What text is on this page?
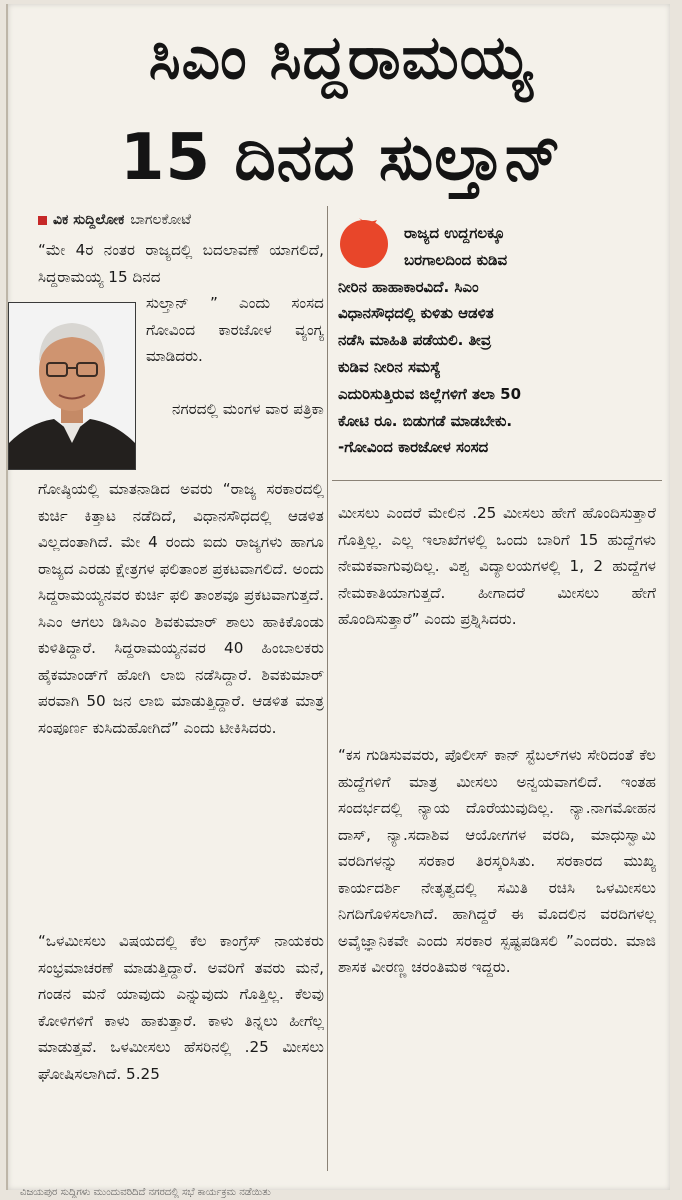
ಸಿಎಂ ಸಿದ್ದರಾಮಯ್ಯ
15 ದಿನದ ಸುಲ್ತಾನ್
ವಿಕ ಸುದ್ದಿಲೋಕ ಬಾಗಲಕೋಟೆ

“ಮೇ 4ರ ನಂತರ ರಾಜ್ಯದಲ್ಲಿ ಬದಲಾವಣೆ ಯಾಗಲಿದೆ, ಸಿದ್ದರಾಮಯ್ಯ 15 ದಿನದ

ಸುಲ್ತಾನ್ ” ಎಂದು ಸಂಸದ ಗೋವಿಂದ ಕಾರಜೋಳ ವ್ಯಂಗ್ಯ ಮಾಡಿದರು.

ನಗರದಲ್ಲಿ ಮಂಗಳ ವಾರ ಪತ್ರಿಕಾ

ಗೋಷ್ಠಿಯಲ್ಲಿ ಮಾತನಾಡಿದ ಅವರು “ರಾಜ್ಯ ಸರಕಾರದಲ್ಲಿ ಕುರ್ಚಿ ಕಿತ್ತಾಟ ನಡೆದಿದೆ, ವಿಧಾನಸೌಧದಲ್ಲಿ ಆಡಳಿತ ವಿಲ್ಲದಂತಾಗಿದೆ. ಮೇ 4 ರಂದು ಐದು ರಾಜ್ಯಗಳು ಹಾಗೂ ರಾಜ್ಯದ ಎರಡು ಕ್ಷೇತ್ರಗಳ ಫಲಿತಾಂಶ ಪ್ರಕಟವಾಗಲಿದೆ. ಅಂದು ಸಿದ್ದರಾಮಯ್ಯನವರ ಕುರ್ಚಿ ಫಲಿ ತಾಂಶವೂ ಪ್ರಕಟವಾಗುತ್ತದೆ. ಸಿಎಂ ಆಗಲು ಡಿಸಿಎಂ ಶಿವಕುಮಾರ್ ಶಾಲು ಹಾಕಿಕೊಂಡು ಕುಳಿತಿದ್ದಾರೆ. ಸಿದ್ದರಾಮಯ್ಯನವರ 40 ಹಿಂಬಾಲಕರು ಹೈಕಮಾಂಡ್‌ಗೆ ಹೋಗಿ ಲಾಬಿ ನಡೆಸಿದ್ದಾರೆ. ಶಿವಕುಮಾರ್ ಪರವಾಗಿ 50 ಜನ ಲಾಬಿ ಮಾಡುತ್ತಿದ್ದಾರೆ. ಆಡಳಿತ ಮಾತ್ರ ಸಂಪೂರ್ಣ ಕುಸಿದುಹೋಗಿದೆ” ಎಂದು ಟೀಕಿಸಿದರು.

“ಒಳಮೀಸಲು ವಿಷಯದಲ್ಲಿ ಕೆಲ ಕಾಂಗ್ರೆಸ್ ನಾಯಕರು ಸಂಭ್ರಮಾಚರಣೆ ಮಾಡುತ್ತಿದ್ದಾರೆ. ಅವರಿಗೆ ತವರು ಮನೆ, ಗಂಡನ ಮನೆ ಯಾವುದು ಎನ್ನುವುದು ಗೊತ್ತಿಲ್ಲ. ಕೆಲವು ಕೋಳಿಗಳಿಗೆ ಕಾಳು ಹಾಕುತ್ತಾರೆ. ಕಾಳು ತಿನ್ನಲು ಹೀಗೆಲ್ಲ ಮಾಡುತ್ತವೆ. ಒಳಮೀಸಲು ಹೆಸರಿನಲ್ಲಿ .25 ಮೀಸಲು ಘೋಷಿಸಲಾಗಿದೆ. 5.25

ರಾಜ್ಯದ ಉದ್ದಗಲಕ್ಕೂ
ಬರಗಾಲದಿಂದ ಕುಡಿವ
ನೀರಿನ ಹಾಹಾಕಾರವಿದೆ. ಸಿಎಂ
ವಿಧಾನಸೌಧದಲ್ಲಿ ಕುಳಿತು ಆಡಳಿತ
ನಡೆಸಿ ಮಾಹಿತಿ ಪಡೆಯಲಿ. ತೀವ್ರ
ಕುಡಿವ ನೀರಿನ ಸಮಸ್ಯೆ
ಎದುರಿಸುತ್ತಿರುವ ಜಿಲ್ಲೆಗಳಿಗೆ ತಲಾ 50
ಕೋಟಿ ರೂ. ಬಿಡುಗಡೆ ಮಾಡಬೇಕು.
-ಗೋವಿಂದ ಕಾರಜೋಳ ಸಂಸದ

ಮೀಸಲು ಎಂದರೆ ಮೇಲಿನ .25 ಮೀಸಲು ಹೇಗೆ ಹೊಂದಿಸುತ್ತಾರೆ ಗೊತ್ತಿಲ್ಲ. ಎಲ್ಲ ಇಲಾಖೆಗಳಲ್ಲಿ ಒಂದು ಬಾರಿಗೆ 15 ಹುದ್ದೆಗಳು ನೇಮಕವಾಗುವುದಿಲ್ಲ. ವಿಶ್ವ ವಿದ್ಯಾಲಯಗಳಲ್ಲಿ 1, 2 ಹುದ್ದೆಗಳ ನೇಮಕಾತಿಯಾಗುತ್ತದೆ. ಹೀಗಾದರೆ ಮೀಸಲು ಹೇಗೆ ಹೊಂದಿಸುತ್ತಾರೆ” ಎಂದು ಪ್ರಶ್ನಿಸಿದರು.

“ಕಸ ಗುಡಿಸುವವರು, ಪೊಲೀಸ್ ಕಾನ್ ಸ್ಟೆಬಲ್‌ಗಳು ಸೇರಿದಂತೆ ಕೆಲ ಹುದ್ದೆಗಳಿಗೆ ಮಾತ್ರ ಮೀಸಲು ಅನ್ವಯವಾಗಲಿದೆ. ಇಂತಹ ಸಂದರ್ಭದಲ್ಲಿ ನ್ಯಾಯ ದೊರೆಯುವುದಿಲ್ಲ. ನ್ಯಾ.ನಾಗಮೋಹನ ದಾಸ್, ನ್ಯಾ.ಸದಾಶಿವ ಆಯೋಗಗಳ ವರದಿ, ಮಾಧುಸ್ವಾಮಿ ವರದಿಗಳನ್ನು ಸರಕಾರ ತಿರಸ್ಕರಿಸಿತು. ಸರಕಾರದ ಮುಖ್ಯ ಕಾರ್ಯದರ್ಶಿ ನೇತೃತ್ವದಲ್ಲಿ ಸಮಿತಿ ರಚಿಸಿ ಒಳಮೀಸಲು ನಿಗದಿಗೊಳಿಸಲಾಗಿದೆ. ಹಾಗಿದ್ದರೆ ಈ ಮೊದಲಿನ ವರದಿಗಳಲ್ಲ ಅವೈಜ್ಞಾನಿಕವೇ ಎಂದು ಸರಕಾರ ಸ್ಪಷ್ಟಪಡಿಸಲಿ ”ಎಂದರು. ಮಾಜಿ ಶಾಸಕ ವೀರಣ್ಣ ಚರಂತಿಮಠ ಇದ್ದರು.

ವಿಜಯಪುರ ಸುದ್ದಿಗಳು ಮುಂದುವರಿದಿದೆ ನಗರದಲ್ಲಿ ಸಭೆ ಕಾರ್ಯಕ್ರಮ ನಡೆಯಿತು
